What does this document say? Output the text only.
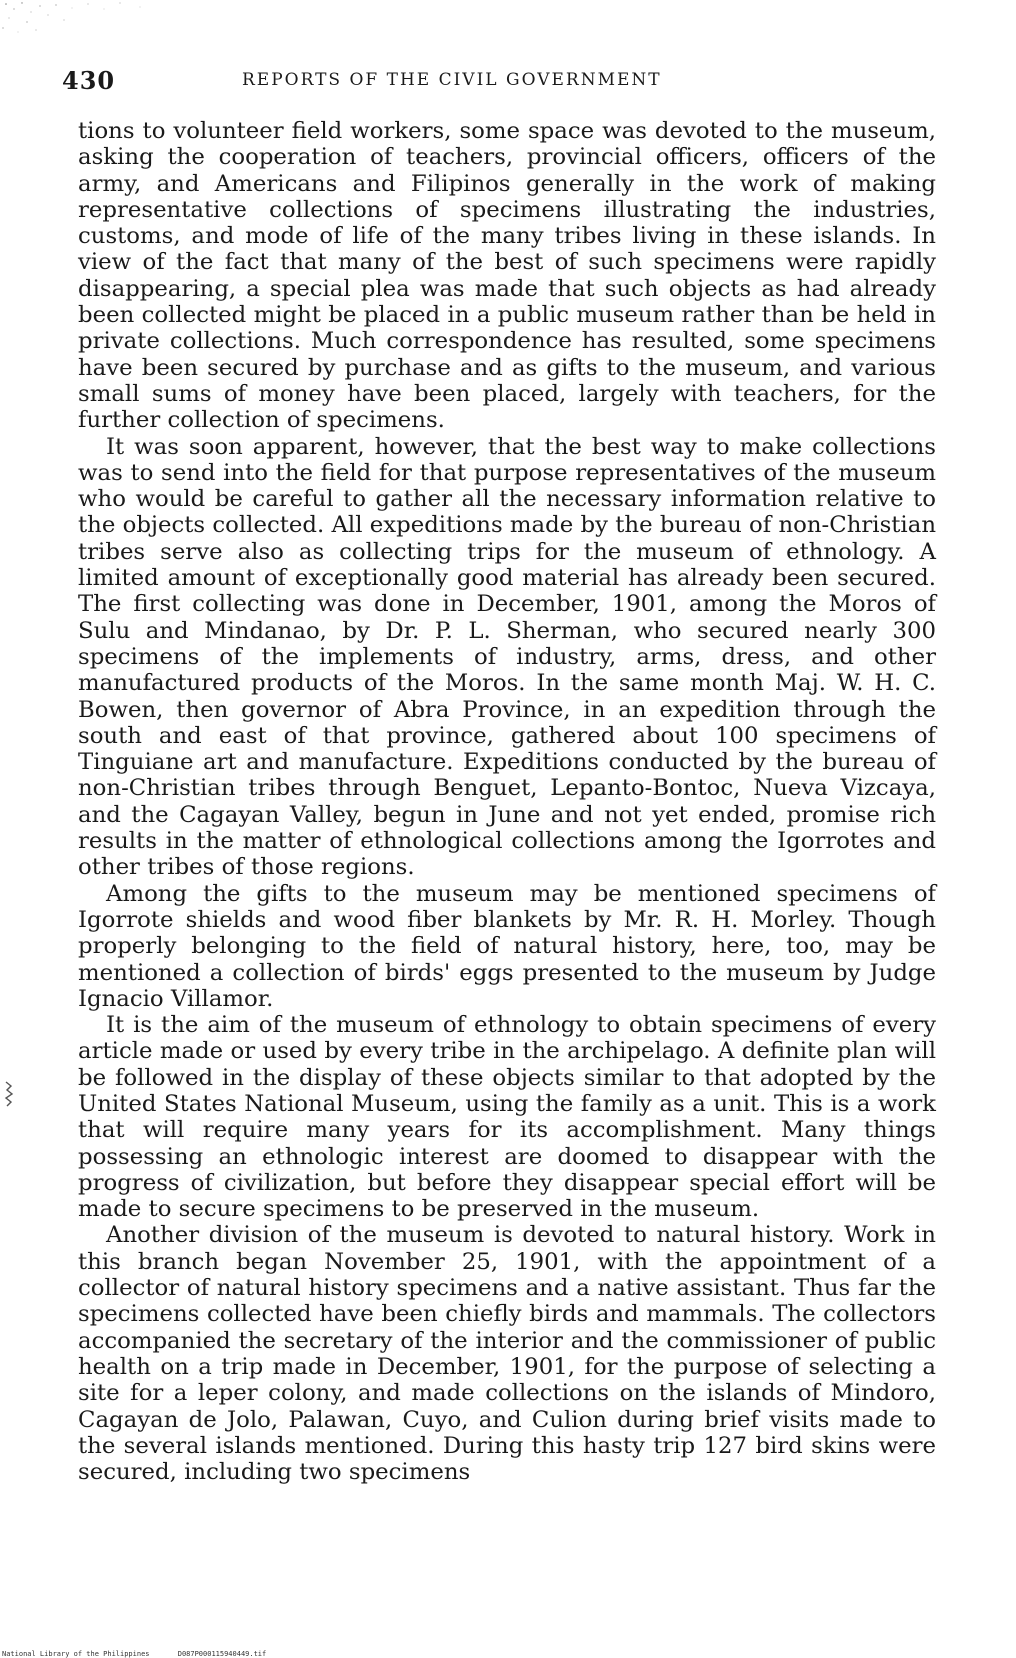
430	REPORTS OF THE CIVIL GOVERNMENT

tions to volunteer field workers, some space was devoted to the museum, asking the cooperation of teachers, provincial officers, officers of the army, and Americans and Filipinos generally in the work of making representative collections of specimens illustrating the industries, customs, and mode of life of the many tribes living in these islands. In view of the fact that many of the best of such specimens were rapidly disappearing, a special plea was made that such objects as had already been collected might be placed in a public museum rather than be held in private collections. Much correspondence has resulted, some specimens have been secured by purchase and as gifts to the museum, and various small sums of money have been placed, largely with teachers, for the further collection of specimens.

It was soon apparent, however, that the best way to make collections was to send into the field for that purpose representatives of the museum who would be careful to gather all the necessary information relative to the objects collected. All expeditions made by the bureau of non-Christian tribes serve also as collecting trips for the museum of ethnology. A limited amount of exceptionally good material has already been secured. The first collecting was done in December, 1901, among the Moros of Sulu and Mindanao, by Dr. P. L. Sherman, who secured nearly 300 specimens of the implements of industry, arms, dress, and other manufactured products of the Moros. In the same month Maj. W. H. C. Bowen, then governor of Abra Province, in an expedition through the south and east of that province, gathered about 100 specimens of Tinguiane art and manufacture. Expeditions conducted by the bureau of non-Christian tribes through Benguet, Lepanto-Bontoc, Nueva Vizcaya, and the Cagayan Valley, begun in June and not yet ended, promise rich results in the matter of ethnological collections among the Igorrotes and other tribes of those regions.

Among the gifts to the museum may be mentioned specimens of Igorrote shields and wood fiber blankets by Mr. R. H. Morley. Though properly belonging to the field of natural history, here, too, may be mentioned a collection of birds' eggs presented to the museum by Judge Ignacio Villamor.

It is the aim of the museum of ethnology to obtain specimens of every article made or used by every tribe in the archipelago. A definite plan will be followed in the display of these objects similar to that adopted by the United States National Museum, using the family as a unit. This is a work that will require many years for its accomplishment. Many things possessing an ethnologic interest are doomed to disappear with the progress of civilization, but before they disappear special effort will be made to secure specimens to be preserved in the museum.

Another division of the museum is devoted to natural history. Work in this branch began November 25, 1901, with the appointment of a collector of natural history specimens and a native assistant. Thus far the specimens collected have been chiefly birds and mammals. The collectors accompanied the secretary of the interior and the commissioner of public health on a trip made in December, 1901, for the purpose of selecting a site for a leper colony, and made collections on the islands of Mindoro, Cagayan de Jolo, Palawan, Cuyo, and Culion during brief visits made to the several islands mentioned. During this hasty trip 127 bird skins were secured, including two specimens

National Library of the Philippines	D087P000115940449.tif
